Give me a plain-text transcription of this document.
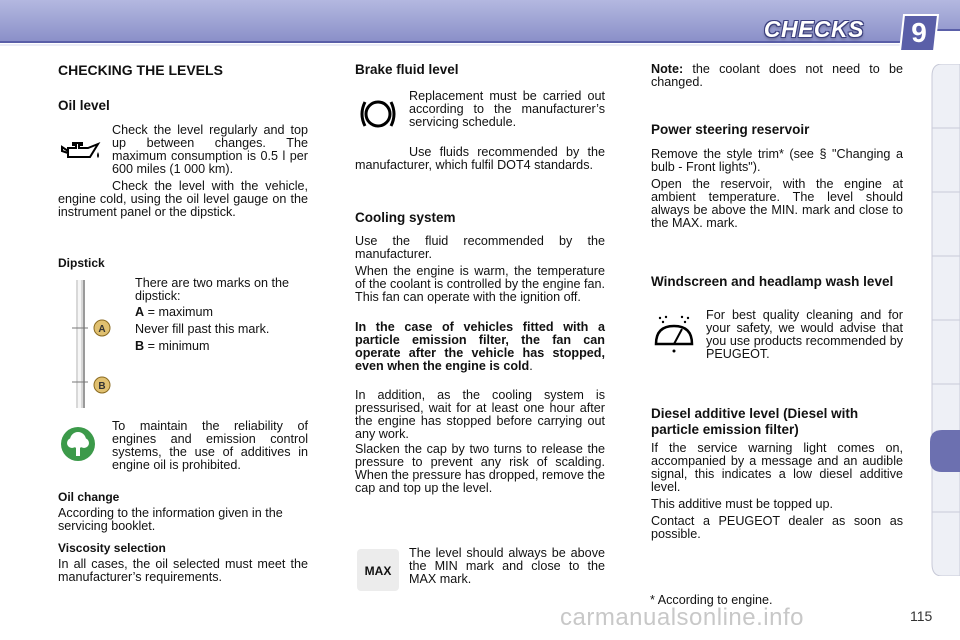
CHECKS	9
CHECKING THE LEVELS
Oil level

Check the level regularly and top up between changes. The maximum consumption is 0.5 l per 600 miles (1 000 km).

Check the level with the vehicle, engine cold, using the oil level gauge on the instrument panel or the dipstick.

Dipstick
A
B

There are two marks on the dipstick:

A = maximum

Never fill past this mark.

B = minimum

To maintain the reliability of engines and emission control systems, the use of additives in engine oil is prohibited.

Oil change

According to the information given in the servicing booklet.

Viscosity selection

In all cases, the oil selected must meet the manufacturer’s requirements.

Brake fluid level

Replacement must be carried out according to the manufacturer’s servicing schedule.

Use fluids recommended by the manufacturer, which fulfil DOT4 standards.

Cooling system

Use the fluid recommended by the manufacturer.

When the engine is warm, the temperature of the coolant is controlled by the engine fan. This fan can operate with the ignition off.

In the case of vehicles fitted with a particle emission filter, the fan can operate after the vehicle has stopped, even when the engine is cold.

In addition, as the cooling system is pressurised, wait for at least one hour after the engine has stopped before carrying out any work.

Slacken the cap by two turns to release the pressure to prevent any risk of scalding. When the pressure has dropped, remove the cap and top up the level.

MAX

The level should always be above the MIN mark and close to the MAX mark.

Note: the coolant does not need to be changed.

Power steering reservoir

Remove the style trim* (see § "Changing a bulb - Front lights").

Open the reservoir, with the engine at ambient temperature. The level should always be above the MIN. mark and close to the MAX. mark.

Windscreen and headlamp wash level

For best quality cleaning and for your safety, we would advise that you use products recommended by PEUGEOT.

Diesel additive level (Diesel with particle emission filter)

If the service warning light comes on, accompanied by a message and an audible signal, this indicates a low diesel additive level.

This additive must be topped up.

Contact a PEUGEOT dealer as soon as possible.

* According to engine.

carmanualsonline.info	115
